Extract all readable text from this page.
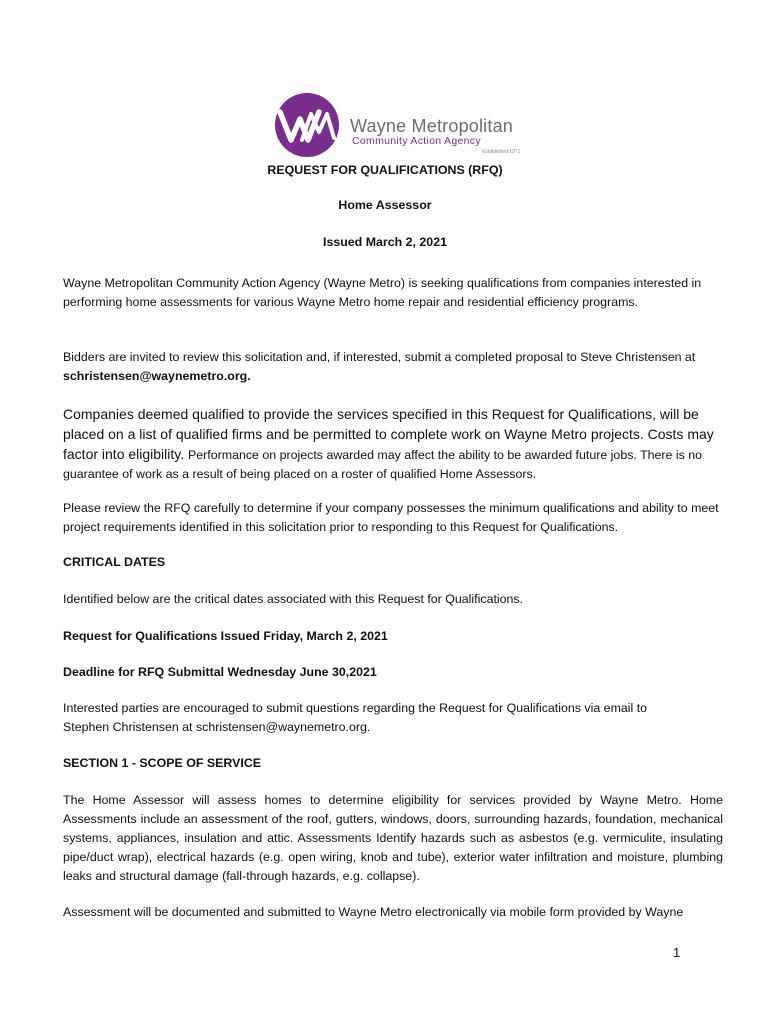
Wayne Metropolitan
Community Action Agency
Established 1971
REQUEST FOR QUALIFICATIONS (RFQ)
Home Assessor
Issued March 2, 2021
Wayne Metropolitan Community Action Agency (Wayne Metro) is seeking qualifications from companies interested in performing home assessments for various Wayne Metro home repair and residential efficiency programs.
Bidders are invited to review this solicitation and, if interested, submit a completed proposal to Steve Christensen at schristensen@waynemetro.org.
Companies deemed qualified to provide the services specified in this Request for Qualifications, will be placed on a list of qualified firms and be permitted to complete work on Wayne Metro projects. Costs may factor into eligibility. Performance on projects awarded may affect the ability to be awarded future jobs. There is no guarantee of work as a result of being placed on a roster of qualified Home Assessors.
Please review the RFQ carefully to determine if your company possesses the minimum qualifications and ability to meet project requirements identified in this solicitation prior to responding to this Request for Qualifications.
CRITICAL DATES
Identified below are the critical dates associated with this Request for Qualifications.
Request for Qualifications Issued Friday, March 2, 2021
Deadline for RFQ Submittal Wednesday June 30,2021
Interested parties are encouraged to submit questions regarding the Request for Qualifications via email to Stephen Christensen at schristensen@waynemetro.org.
SECTION 1 - SCOPE OF SERVICE
The Home Assessor will assess homes to determine eligibility for services provided by Wayne Metro. Home Assessments include an assessment of the roof, gutters, windows, doors, surrounding hazards, foundation, mechanical systems, appliances, insulation and attic. Assessments Identify hazards such as asbestos (e.g. vermiculite, insulating pipe/duct wrap), electrical hazards (e.g. open wiring, knob and tube), exterior water infiltration and moisture, plumbing leaks and structural damage (fall-through hazards, e.g. collapse).
Assessment will be documented and submitted to Wayne Metro electronically via mobile form provided by Wayne
1
